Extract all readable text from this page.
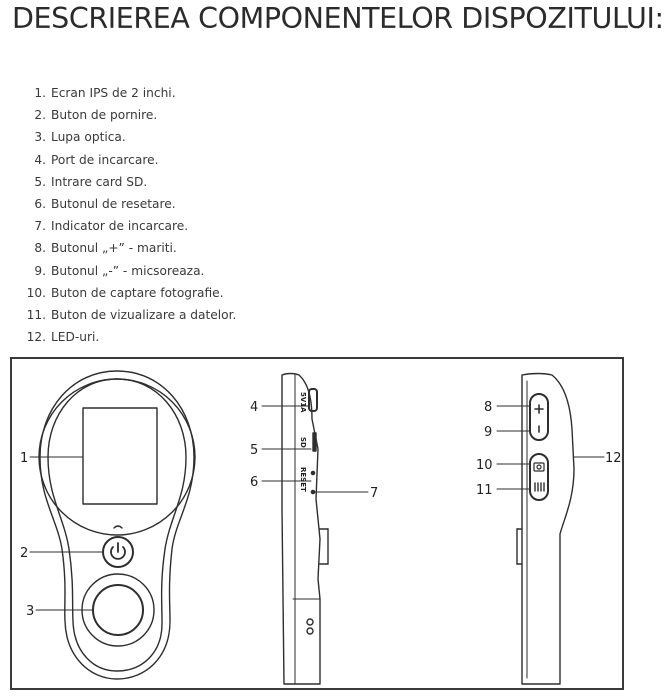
DESCRIEREA COMPONENTELOR DISPOZITULUI:
1. Ecran IPS de 2 inchi.
2. Buton de pornire.
3. Lupa optica.
4. Port de incarcare.
5. Intrare card SD.
6. Butonul de resetare.
7. Indicator de incarcare.
8. Butonul „+” - mariti.
9. Butonul „-” - micsoreaza.
10. Buton de captare fotografie.
11. Buton de vizualizare a datelor.
12. LED-uri.
5V1A
SD
RESET
1
2
3
4
5
6
7
8
9
10
11
12
